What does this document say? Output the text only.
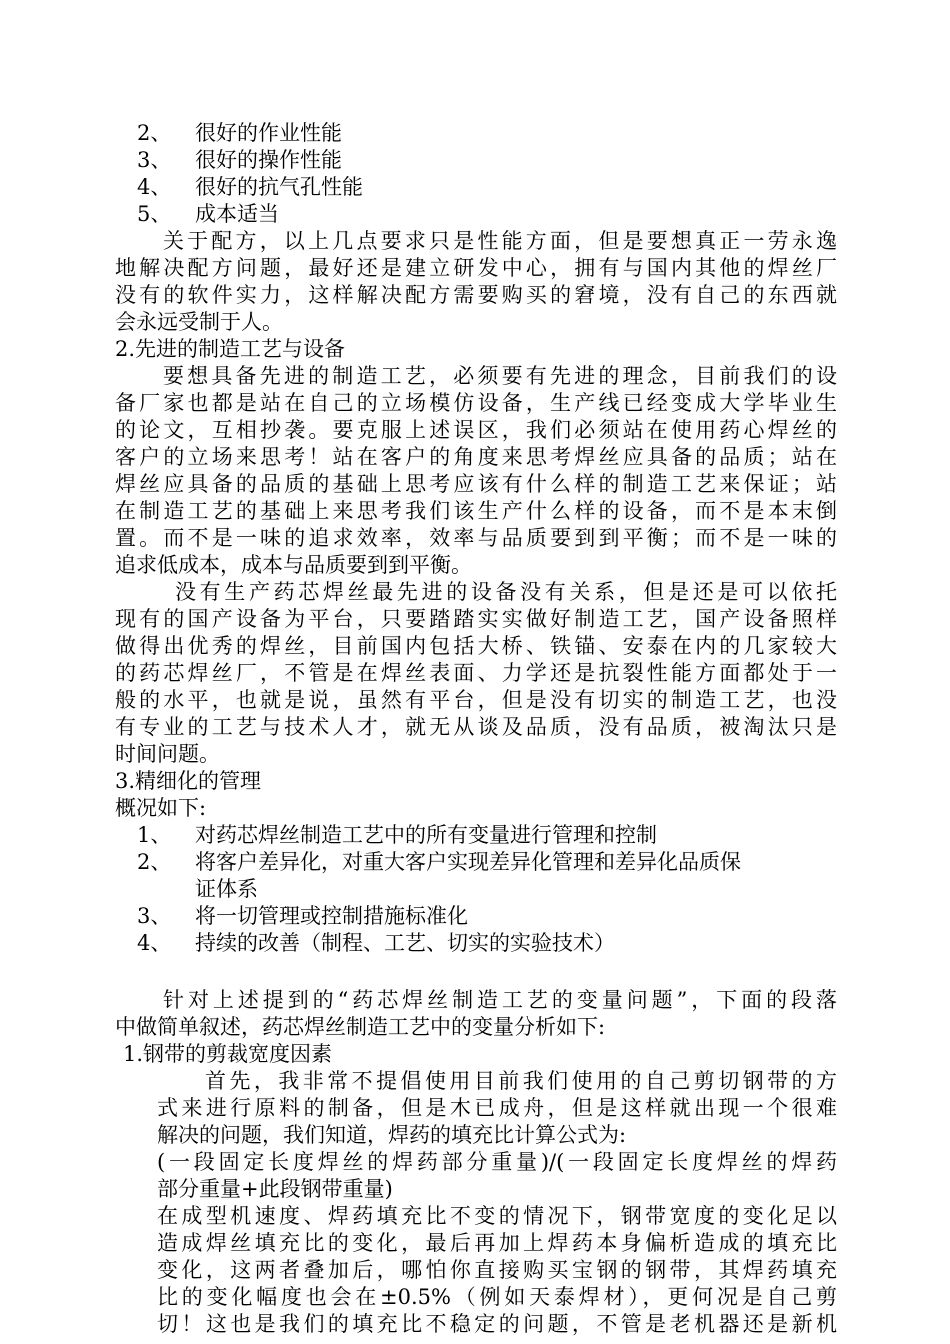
2、 很好的作业性能
3、 很好的操作性能
4、 很好的抗气孔性能
5、 成本适当
关于配方，以上几点要求只是性能方面，但是要想真正一劳永逸
地解决配方问题，最好还是建立研发中心，拥有与国内其他的焊丝厂
没有的软件实力，这样解决配方需要购买的窘境，没有自己的东西就
会永远受制于人。
2.先进的制造工艺与设备
要想具备先进的制造工艺，必须要有先进的理念，目前我们的设
备厂家也都是站在自己的立场模仿设备，生产线已经变成大学毕业生
的论文，互相抄袭。要克服上述误区，我们必须站在使用药心焊丝的
客户的立场来思考！站在客户的角度来思考焊丝应具备的品质；站在
焊丝应具备的品质的基础上思考应该有什么样的制造工艺来保证；站
在制造工艺的基础上来思考我们该生产什么样的设备，而不是本末倒
置。而不是一味的追求效率，效率与品质要到到平衡；而不是一味的
追求低成本，成本与品质要到到平衡。
没有生产药芯焊丝最先进的设备没有关系，但是还是可以依托
现有的国产设备为平台，只要踏踏实实做好制造工艺，国产设备照样
做得出优秀的焊丝，目前国内包括大桥、铁锚、安泰在内的几家较大
的药芯焊丝厂，不管是在焊丝表面、力学还是抗裂性能方面都处于一
般的水平，也就是说，虽然有平台，但是没有切实的制造工艺，也没
有专业的工艺与技术人才，就无从谈及品质，没有品质，被淘汰只是
时间问题。
3.精细化的管理
概况如下:
1、 对药芯焊丝制造工艺中的所有变量进行管理和控制
2、 将客户差异化，对重大客户实现差异化管理和差异化品质保
证体系
3、 将一切管理或控制措施标准化
4、 持续的改善（制程、工艺、切实的实验技术）
针对上述提到的“药芯焊丝制造工艺的变量问题”，下面的段落
中做简单叙述，药芯焊丝制造工艺中的变量分析如下:
1.钢带的剪裁宽度因素
首先，我非常不提倡使用目前我们使用的自己剪切钢带的方
式来进行原料的制备，但是木已成舟，但是这样就出现一个很难
解决的问题，我们知道，焊药的填充比计算公式为:
(一段固定长度焊丝的焊药部分重量)/(一段固定长度焊丝的焊药
部分重量+此段钢带重量)
在成型机速度、焊药填充比不变的情况下，钢带宽度的变化足以
造成焊丝填充比的变化，最后再加上焊药本身偏析造成的填充比
变化，这两者叠加后，哪怕你直接购买宝钢的钢带，其焊药填充
比的变化幅度也会在±0.5%（例如天泰焊材），更何况是自己剪
切！这也是我们的填充比不稳定的问题，不管是老机器还是新机
